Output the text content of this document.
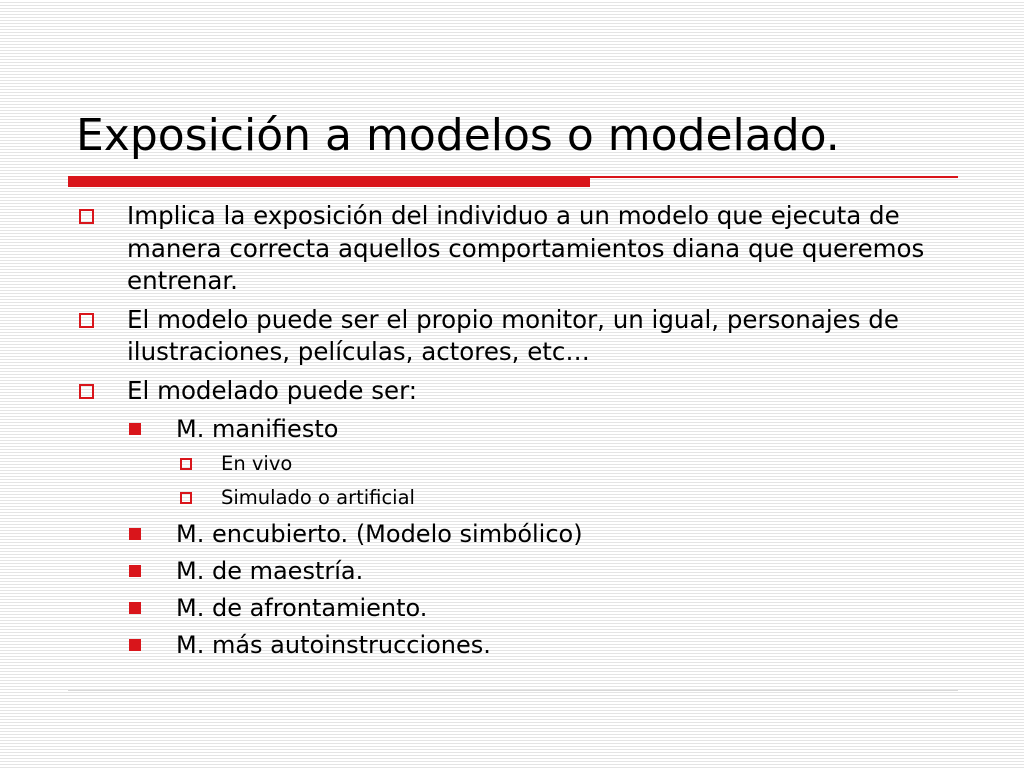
Exposición a modelos o modelado.
Implica la exposición del individuo a un modelo que ejecuta de manera correcta aquellos comportamientos diana que queremos entrenar.
El modelo puede ser el propio monitor, un igual, personajes de ilustraciones, películas, actores, etc…
El modelado puede ser:
M. manifiesto
En vivo
Simulado o artificial
M. encubierto. (Modelo simbólico)
M. de maestría.
M. de afrontamiento.
M. más autoinstrucciones.
